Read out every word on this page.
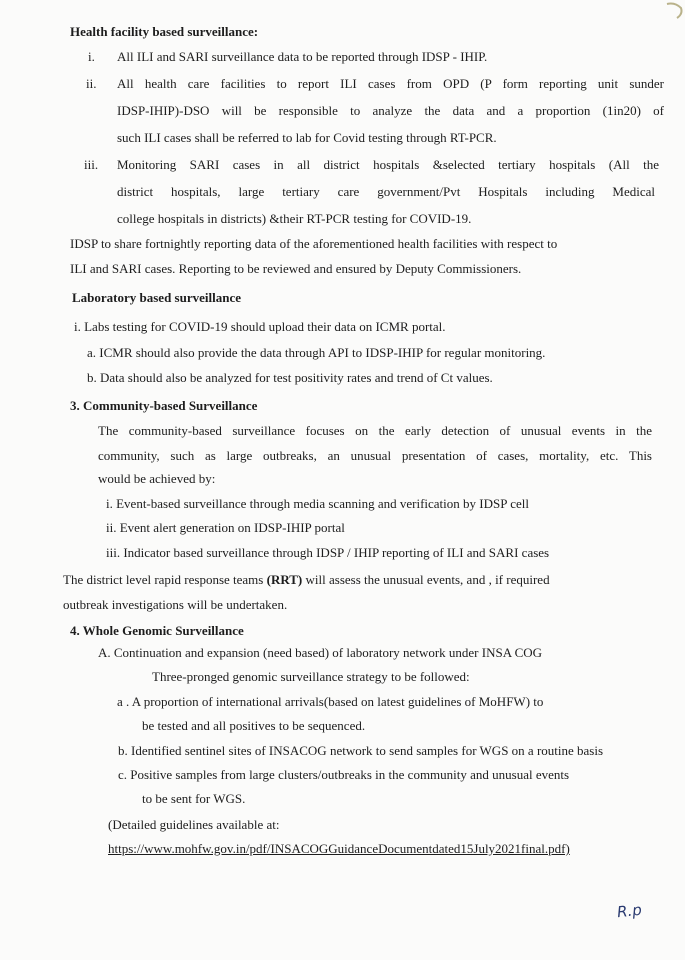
Health facility based surveillance:
i. All ILI and SARI surveillance data to be reported through IDSP - IHIP.
ii. All health care facilities to report ILI cases from OPD (P form reporting unit sunder
IDSP-IHIP)-DSO will be responsible to analyze the data and a proportion (1in20) of
such ILI cases shall be referred to lab for Covid testing through RT-PCR.
iii. Monitoring SARI cases in all district hospitals &selected tertiary hospitals (All the
district hospitals, large tertiary care government/Pvt Hospitals including Medical
college hospitals in districts) &their RT-PCR testing for COVID-19.
IDSP to share fortnightly reporting data of the aforementioned health facilities with respect to
ILI and SARI cases. Reporting to be reviewed and ensured by Deputy Commissioners.
Laboratory based surveillance
i. Labs testing for COVID-19 should upload their data on ICMR portal.
a. ICMR should also provide the data through API to IDSP-IHIP for regular monitoring.
b. Data should also be analyzed for test positivity rates and trend of Ct values.
3. Community-based Surveillance
The community-based surveillance focuses on the early detection of unusual events in the
community, such as large outbreaks, an unusual presentation of cases, mortality, etc. This
would be achieved by:
i. Event-based surveillance through media scanning and verification by IDSP cell
ii. Event alert generation on IDSP-IHIP portal
iii. Indicator based surveillance through IDSP / IHIP reporting of ILI and SARI cases
The district level rapid response teams (RRT) will assess the unusual events, and , if required
outbreak investigations will be undertaken.
4. Whole Genomic Surveillance
A. Continuation and expansion (need based) of laboratory network under INSA COG
Three-pronged genomic surveillance strategy to be followed:
a . A proportion of international arrivals(based on latest guidelines of MoHFW) to
be tested and all positives to be sequenced.
b. Identified sentinel sites of INSACOG network to send samples for WGS on a routine basis
c. Positive samples from large clusters/outbreaks in the community and unusual events
to be sent for WGS.
(Detailed guidelines available at:
https://www.mohfw.gov.in/pdf/INSACOGGuidanceDocumentdated15July2021final.pdf)
R.p
